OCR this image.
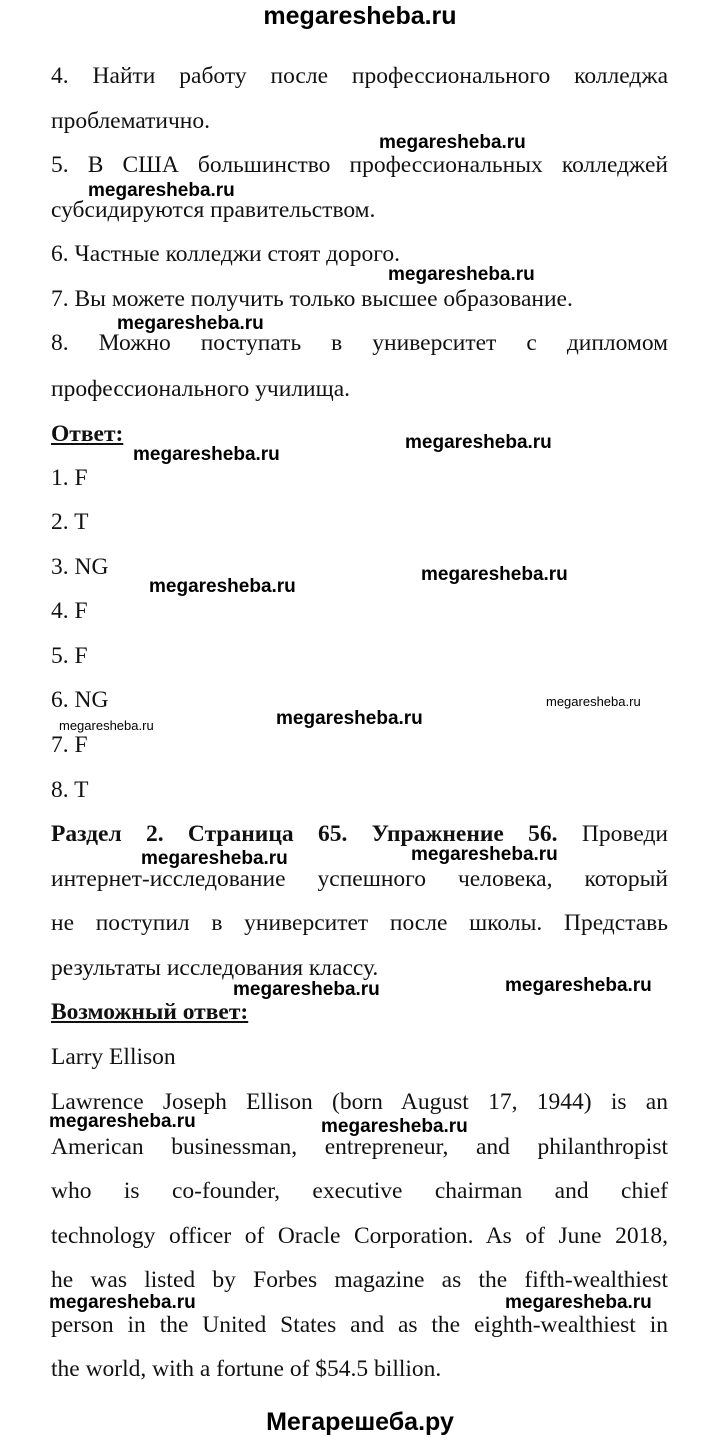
megaresheba.ru
4. Найти работу после профессионального колледжа
проблематично.
5. В США большинство профессиональных колледжей
субсидируются правительством.
6. Частные колледжи стоят дорого.
7. Вы можете получить только высшее образование.
8. Можно поступать в университет с дипломом
профессионального училища.
Ответ:
1. F
2. T
3. NG
4. F
5. F
6. NG
7. F
8. T
Раздел 2. Страница 65. Упражнение 56. Проведи
интернет-исследование успешного человека, который
не поступил в университет после школы. Представь
результаты исследования классу.
Возможный ответ:
Larry Ellison
Lawrence Joseph Ellison (born August 17, 1944) is an
American businessman, entrepreneur, and philanthropist
who is co-founder, executive chairman and chief
technology officer of Oracle Corporation. As of June 2018,
he was listed by Forbes magazine as the fifth-wealthiest
person in the United States and as the eighth-wealthiest in
the world, with a fortune of $54.5 billion.
megaresheba.ru
megaresheba.ru
megaresheba.ru
megaresheba.ru
megaresheba.ru
megaresheba.ru
megaresheba.ru
megaresheba.ru
megaresheba.ru
megaresheba.ru
megaresheba.ru
megaresheba.ru
megaresheba.ru
megaresheba.ru
megaresheba.ru
megaresheba.ru	megaresheba.ru
megaresheba.ru	megaresheba.ru
Мегарешеба.ру
